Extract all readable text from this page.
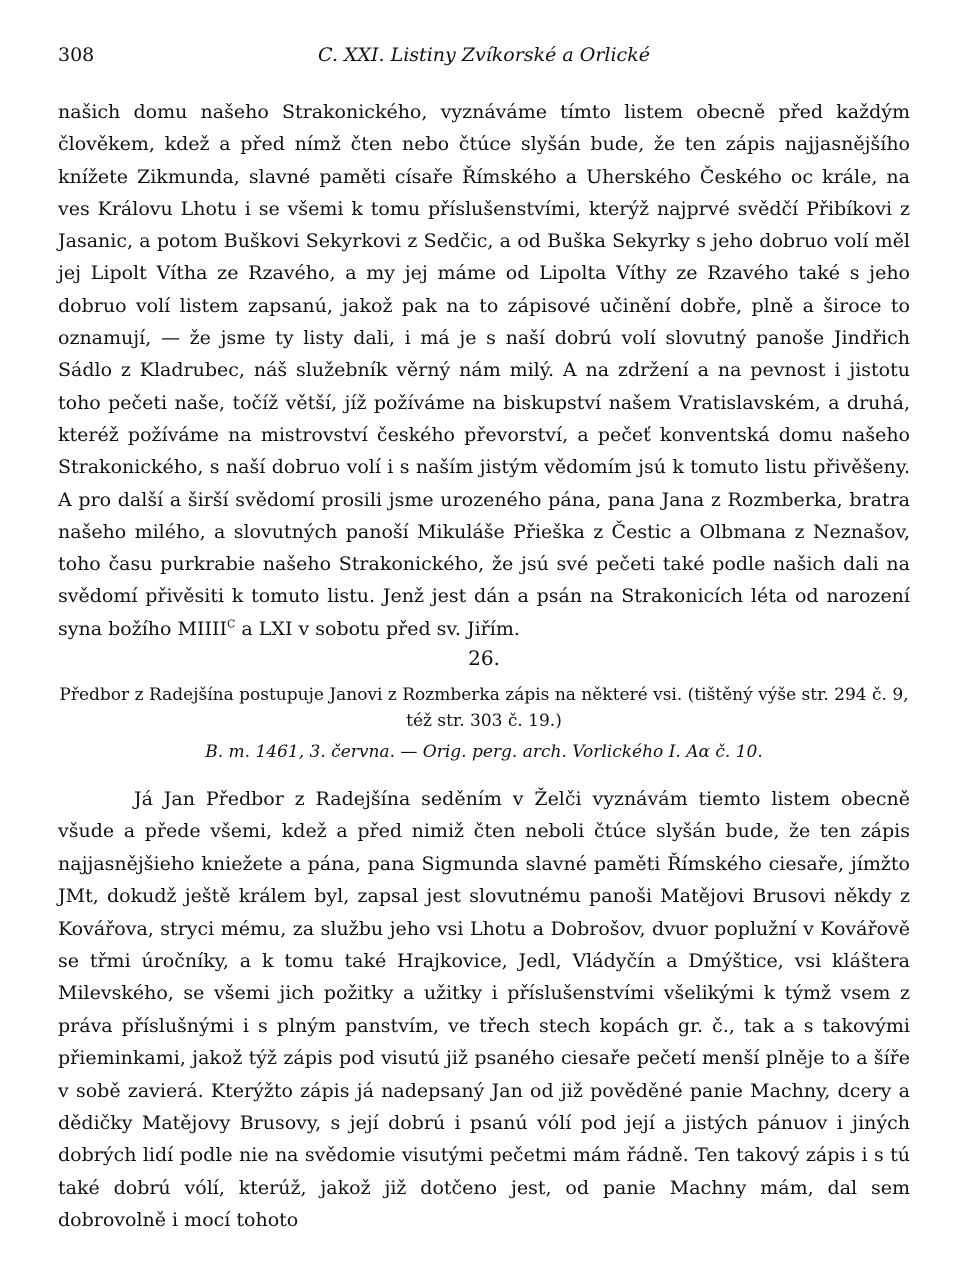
308	C. XXI. Listiny Zvíkorské a Orlické

našich domu našeho Strakonického, vyznáváme tímto listem obecně před každým člověkem, kdež a před nímž čten nebo čtúce slyšán bude, že ten zápis najjasnějšího knížete Zikmunda, slavné paměti císaře Římského a Uherského Českého oc krále, na ves Královu Lhotu i se všemi k tomu příslušenstvími, kterýž najprvé svědčí Přibíkovi z Jasanic, a potom Buškovi Sekyrkovi z Sedčic, a od Buška Sekyrky s jeho dobruo volí měl jej Lipolt Vítha ze Rzavého, a my jej máme od Lipolta Víthy ze Rzavého také s jeho dobruo volí listem zapsanú, jakož pak na to zápisové učinění dobře, plně a široce to oznamují, — že jsme ty listy dali, i má je s naší dobrú volí slovutný panoše Jindřich Sádlo z Kladrubec, náš služebník věrný nám milý. A na zdržení a na pevnost i jistotu toho pečeti naše, točíž větší, jíž požíváme na biskupství našem Vratislavském, a druhá, kteréž požíváme na mistrovství českého převorství, a pečeť konventská domu našeho Strakonického, s naší dobruo volí i s naším jistým vědomím jsú k tomuto listu přivěšeny. A pro další a širší svědomí prosili jsme urozeného pána, pana Jana z Rozmberka, bratra našeho milého, a slovutných panoší Mikuláše Přieška z Čestic a Olbmana z Neznašov, toho času purkrabie našeho Strakonického, že jsú své pečeti také podle našich dali na svědomí přivěsiti k tomuto listu. Jenž jest dán a psán na Strakonicích léta od narození syna božího $MIIII^C$ a LXI v sobotu před sv. Jiřím.

26.
Předbor z Radejšína postupuje Janovi z Rozmberka zápis na některé vsi. (tištěný výše str. 294 č. 9, též str. 303 č. 19.)
B. m. 1461, 3. června. — Orig. perg. arch. Vorlického I. Aα č. 10.

Já Jan Předbor z Radejšína seděním v Želči vyznávám tiemto listem obecně všude a přede všemi, kdež a před nimiž čten neboli čtúce slyšán bude, že ten zápis najjasnějšieho kniežete a pána, pana Sigmunda slavné paměti Římského ciesaře, jímžto JMt, dokudž ještě králem byl, zapsal jest slovutnému panoši Matějovi Brusovi někdy z Kovářova, stryci mému, za službu jeho vsi Lhotu a Dobrošov, dvuor poplužní v Kovářově se třmi úročníky, a k tomu také Hrajkovice, Jedl, Vládyčín a Dmýštice, vsi kláštera Milevského, se všemi jich požitky a užitky i příslušenstvími všelikými k týmž vsem z práva příslušnými i s plným panstvím, ve třech stech kopách gr. č., tak a s takovými přieminkami, jakož týž zápis pod visutú již psaného ciesaře pečetí menší plněje to a šíře v sobě zavierá. Kterýžto zápis já nadepsaný Jan od již pověděné panie Machny, dcery a dědičky Matějovy Brusovy, s její dobrú i psanú vólí pod její a jistých pánuov i jiných dobrých lidí podle nie na svědomie visutými pečetmi mám řádně. Ten takový zápis i s tú také dobrú vólí, kterúž, jakož již dotčeno jest, od panie Machny mám, dal sem dobrovolně i mocí tohoto
